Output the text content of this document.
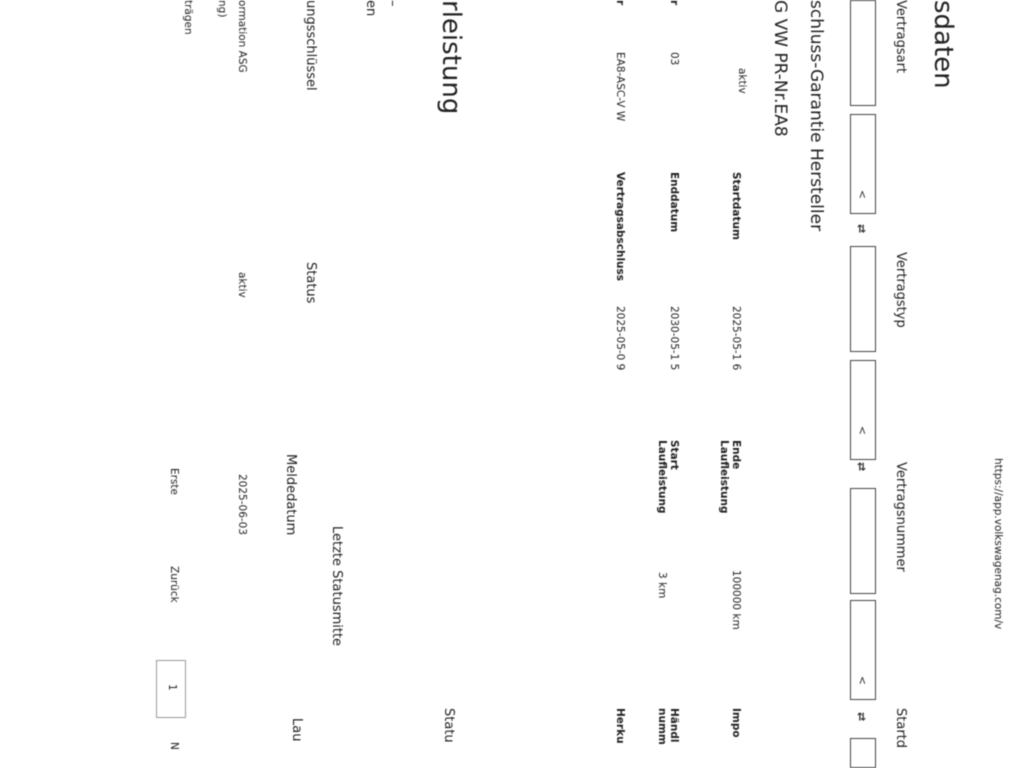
https://app.volkswagenag.com/v
sdaten
Vertragsart
Vertragstyp
Vertragsnummer
Startd
<
⇄
<
⇄
<
⇄
schluss-Garantie Hersteller
G VW PR-Nr.EA8
aktiv
Startdatum
2025-05-1 6
Ende Laufleistung
100000 km
Impo
r
03
Enddatum
2030-05-1 5
Start Laufleistung
3 km
Händl numm
r
EA8-ASC-V W
Vertragsabschluss
2025-05-0 9
Herku
rleistung
Statu
–
en
Letzte Statusmitte
ungsschlüssel
Status
Meldedatum
Lau
ormation ASG
aktiv
2025-06-03
ng)
trägen
Erste
Zurück
1
N
